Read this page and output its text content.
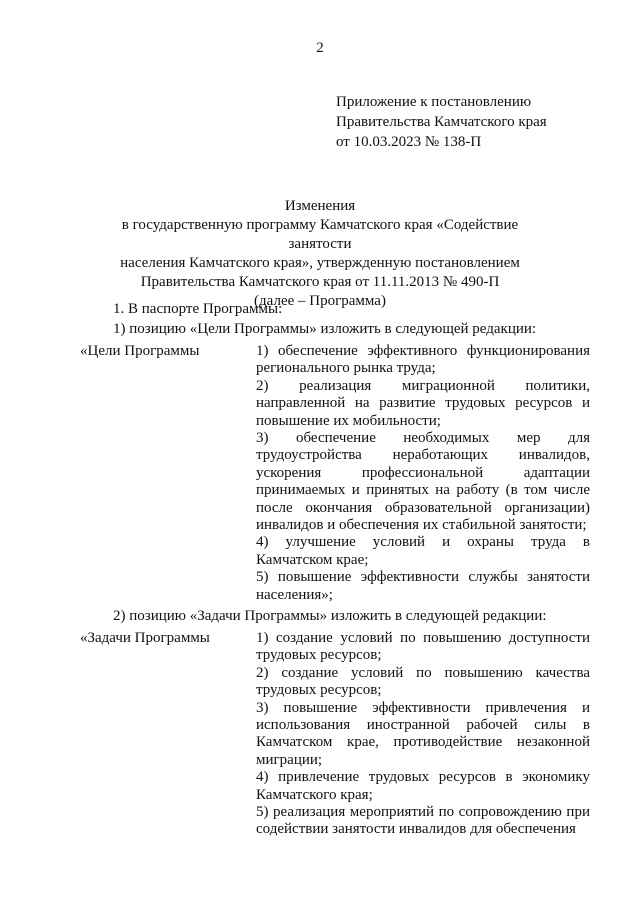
2
Приложение к постановлению
Правительства Камчатского края
от 10.03.2023 № 138-П
Изменения
в государственную программу Камчатского края «Содействие занятости
населения Камчатского края», утвержденную постановлением
Правительства Камчатского края от 11.11.2013 № 490-П
(далее – Программа)
1. В паспорте Программы:
1) позицию «Цели Программы» изложить в следующей редакции:
«Цели Программы	1) обеспечение эффективного функционирования регионального рынка труда;

2) реализация миграционной политики, направленной на развитие трудовых ресурсов и повышение их мобильности;

3) обеспечение необходимых мер для трудоустройства неработающих инвалидов, ускорения профессиональной адаптации принимаемых и принятых на работу (в том числе после окончания образовательной организации) инвалидов и обеспечения их стабильной занятости;

4) улучшение условий и охраны труда в Камчатском крае;

5) повышение эффективности службы занятости населения»;

2) позицию «Задачи Программы» изложить в следующей редакции:
«Задачи Программы	1) создание условий по повышению доступности трудовых ресурсов;

2) создание условий по повышению качества трудовых ресурсов;

3) повышение эффективности привлечения и использования иностранной рабочей силы в Камчатском крае, противодействие незаконной миграции;

4) привлечение трудовых ресурсов в экономику Камчатского края;

5) реализация мероприятий по сопровождению при содействии занятости инвалидов для обеспечения
